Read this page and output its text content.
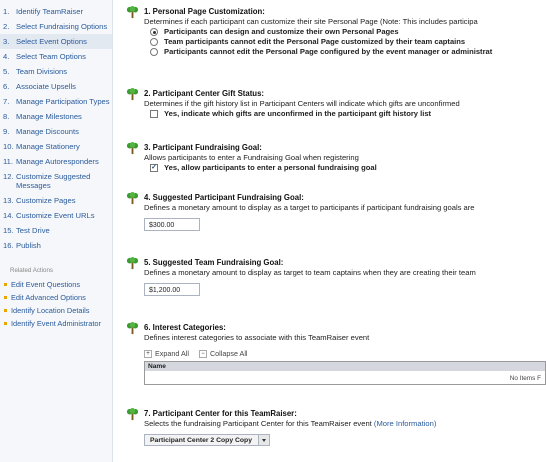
1. Identify TeamRaiser
2. Select Fundraising Options
3. Select Event Options
4. Select Team Options
5. Team Divisions
6. Associate Upsells
7. Manage Participation Types
8. Manage Milestones
9. Manage Discounts
10. Manage Stationery
11. Manage Autoresponders
12. Customize Suggested Messages
13. Customize Pages
14. Customize Event URLs
15. Test Drive
16. Publish
Related Actions
Edit Event Questions
Edit Advanced Options
Identify Location Details
Identify Event Administrator
1. Personal Page Customization:
Determines if each participant can customize their site Personal Page (Note: This includes participa
Participants can design and customize their own Personal Pages
Team participants cannot edit the Personal Page customized by their team captains
Participants cannot edit the Personal Page configured by the event manager or administrat
2. Participant Center Gift Status:
Determines if the gift history list in Participant Centers will indicate which gifts are unconfirmed
Yes, indicate which gifts are unconfirmed in the participant gift history list
3. Participant Fundraising Goal:
Allows participants to enter a Fundraising Goal when registering
✓ Yes, allow participants to enter a personal fundraising goal
4. Suggested Participant Fundraising Goal:
Defines a monetary amount to display as a target to participants if participant fundraising goals are
$300.00
5. Suggested Team Fundraising Goal:
Defines a monetary amount to display as target to team captains when they are creating their team
$1,200.00
6. Interest Categories:
Defines interest categories to associate with this TeamRaiser event
+ Expand All	− Collapse All
Name
No Items F
7. Participant Center for this TeamRaiser:
Selects the fundraising Participant Center for this TeamRaiser event (More Information)
Participant Center 2 Copy Copy
